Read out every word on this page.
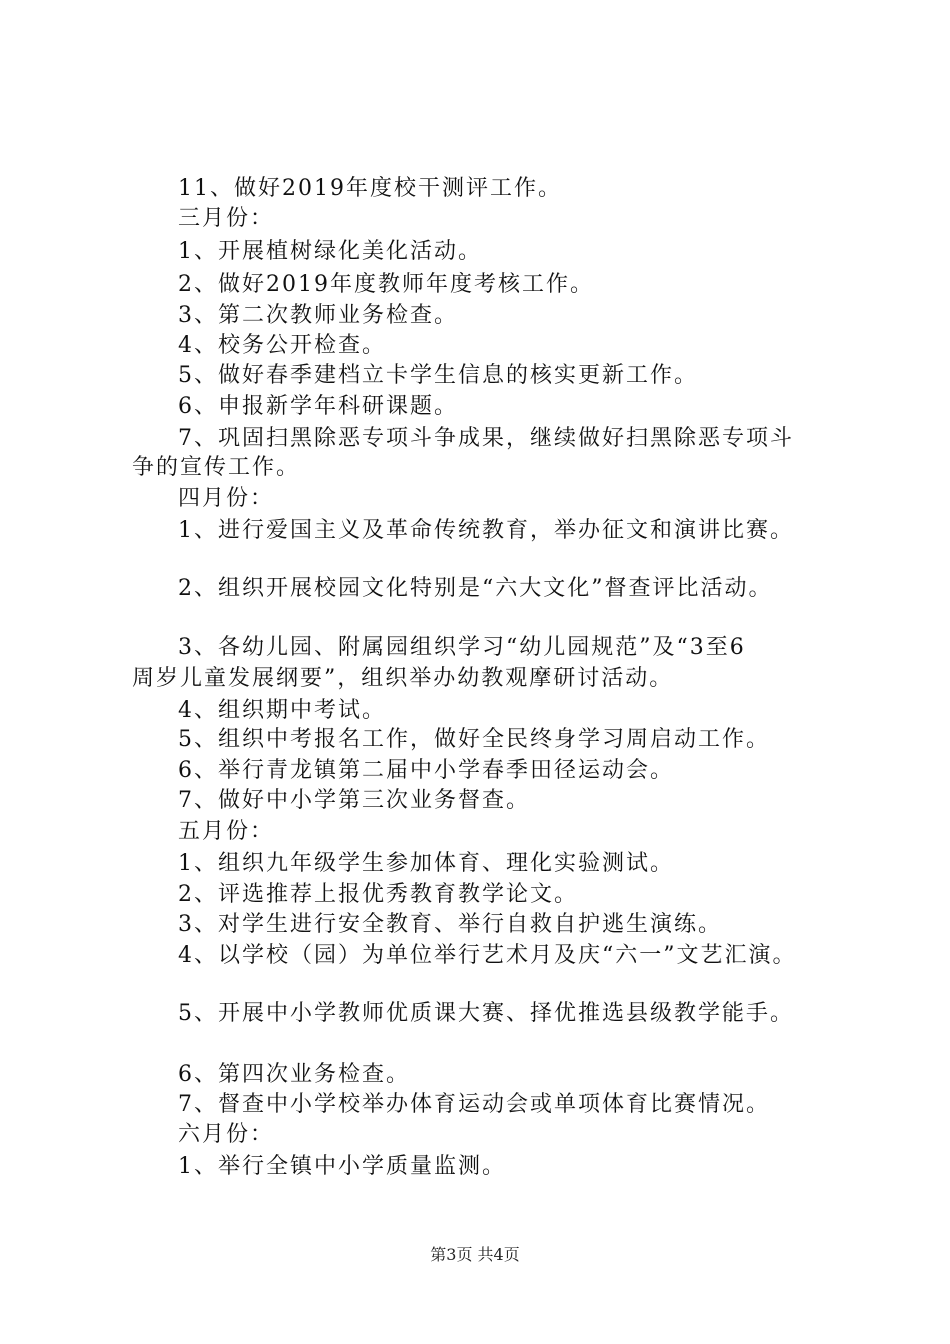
11、做好2019年度校干测评工作。
三月份：
1、开展植树绿化美化活动。
2、做好2019年度教师年度考核工作。
3、第二次教师业务检查。
4、校务公开检查。
5、做好春季建档立卡学生信息的核实更新工作。
6、申报新学年科研课题。
7、巩固扫黑除恶专项斗争成果，继续做好扫黑除恶专项斗
争的宣传工作。
四月份：
1、进行爱国主义及革命传统教育，举办征文和演讲比赛。
2、组织开展校园文化特别是“六大文化”督查评比活动。
3、各幼儿园、附属园组织学习“幼儿园规范”及“3至6
周岁儿童发展纲要”，组织举办幼教观摩研讨活动。
4、组织期中考试。
5、组织中考报名工作，做好全民终身学习周启动工作。
6、举行青龙镇第二届中小学春季田径运动会。
7、做好中小学第三次业务督查。
五月份：
1、组织九年级学生参加体育、理化实验测试。
2、评选推荐上报优秀教育教学论文。
3、对学生进行安全教育、举行自救自护逃生演练。
4、以学校（园）为单位举行艺术月及庆“六一”文艺汇演。
5、开展中小学教师优质课大赛、择优推选县级教学能手。
6、第四次业务检查。
7、督查中小学校举办体育运动会或单项体育比赛情况。
六月份：
1、举行全镇中小学质量监测。
第3页 共4页
